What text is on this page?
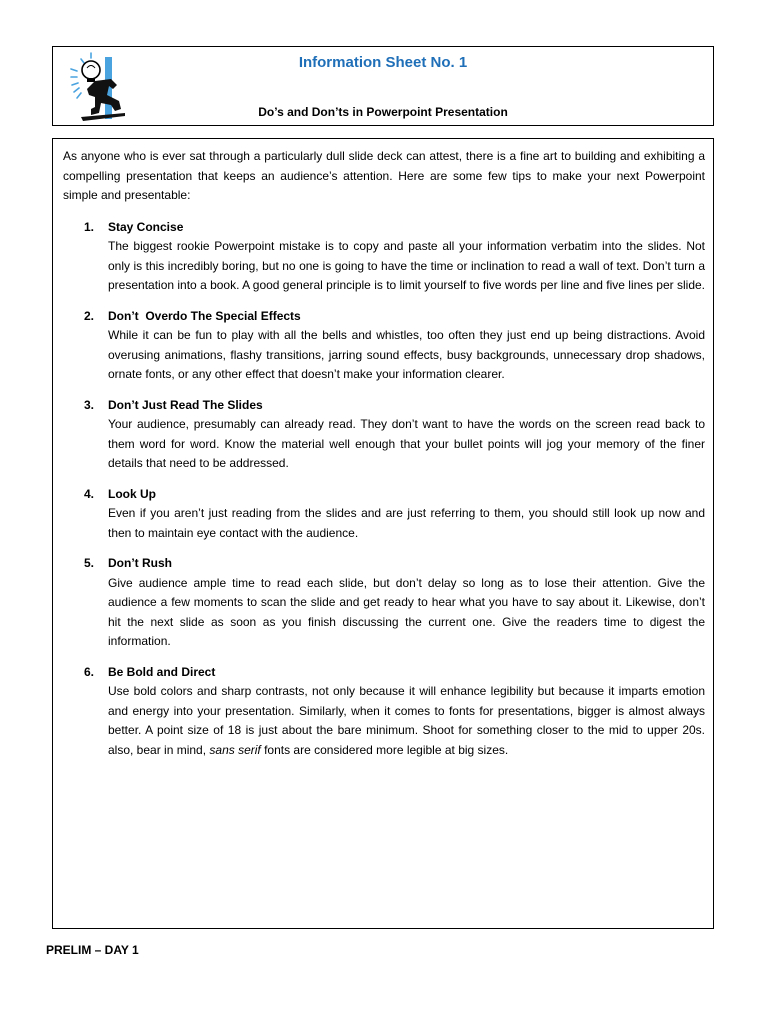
Information Sheet No. 1
Do’s and Don’ts in Powerpoint Presentation

As anyone who is ever sat through a particularly dull slide deck can attest, there is a fine art to building and exhibiting a compelling presentation that keeps an audience’s attention. Here are some few tips to make your next Powerpoint simple and presentable:

1. Stay Concise

The biggest rookie Powerpoint mistake is to copy and paste all your information verbatim into the slides. Not only is this incredibly boring, but no one is going to have the time or inclination to read a wall of text. Don’t turn a presentation into a book. A good general principle is to limit yourself to five words per line and five lines per slide.

2. Don’t  Overdo The Special Effects

While it can be fun to play with all the bells and whistles, too often they just end up being distractions. Avoid overusing animations, flashy transitions, jarring sound effects, busy backgrounds, unnecessary drop shadows, ornate fonts, or any other effect that doesn’t make your information clearer.

3. Don’t Just Read The Slides

Your audience, presumably can already read. They don’t want to have the words on the screen read back to them word for word. Know the material well enough that your bullet points will jog your memory of the finer details that need to be addressed.

4. Look Up

Even if you aren’t just reading from the slides and are just referring to them, you should still look up now and then to maintain eye contact with the audience.

5. Don’t Rush

Give audience ample time to read each slide, but don’t delay so long as to lose their attention. Give the audience a few moments to scan the slide and get ready to hear what you have to say about it. Likewise, don’t hit the next slide as soon as you finish discussing the current one. Give the readers time to digest the information.

6. Be Bold and Direct

Use bold colors and sharp contrasts, not only because it will enhance legibility but because it imparts emotion and energy into your presentation. Similarly, when it comes to fonts for presentations, bigger is almost always better. A point size of 18 is just about the bare minimum. Shoot for something closer to the mid to upper 20s. also, bear in mind, sans serif fonts are considered more legible at big sizes.

PRELIM – DAY 1
